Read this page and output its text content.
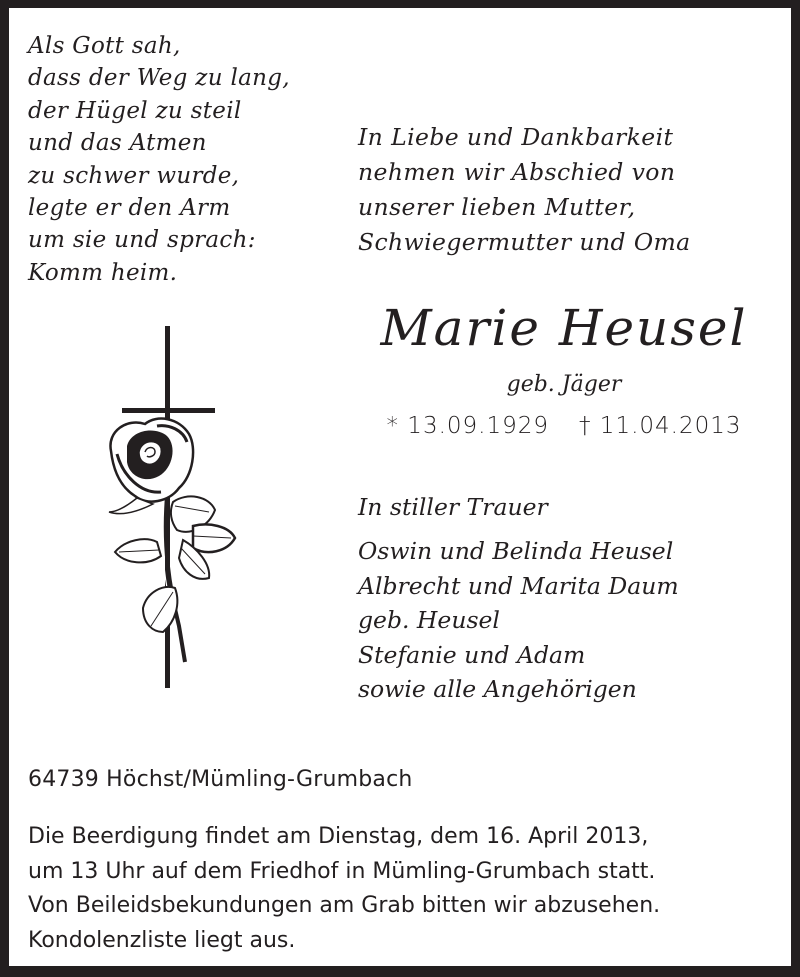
Als Gott sah,
dass der Weg zu lang,
der Hügel zu steil
und das Atmen
zu schwer wurde,
legte er den Arm
um sie und sprach:
Komm heim.
In Liebe und Dankbarkeit
nehmen wir Abschied von
unserer lieben Mutter,
Schwiegermutter und Oma
Marie Heusel
geb. Jäger
* 13.09.1929 † 11.04.2013
In stiller Trauer
Oswin und Belinda Heusel
Albrecht und Marita Daum
geb. Heusel
Stefanie und Adam
sowie alle Angehörigen
64739 Höchst/Mümling-Grumbach
Die Beerdigung findet am Dienstag, dem 16. April 2013,
um 13 Uhr auf dem Friedhof in Mümling-Grumbach statt.
Von Beileidsbekundungen am Grab bitten wir abzusehen.
Kondolenzliste liegt aus.
